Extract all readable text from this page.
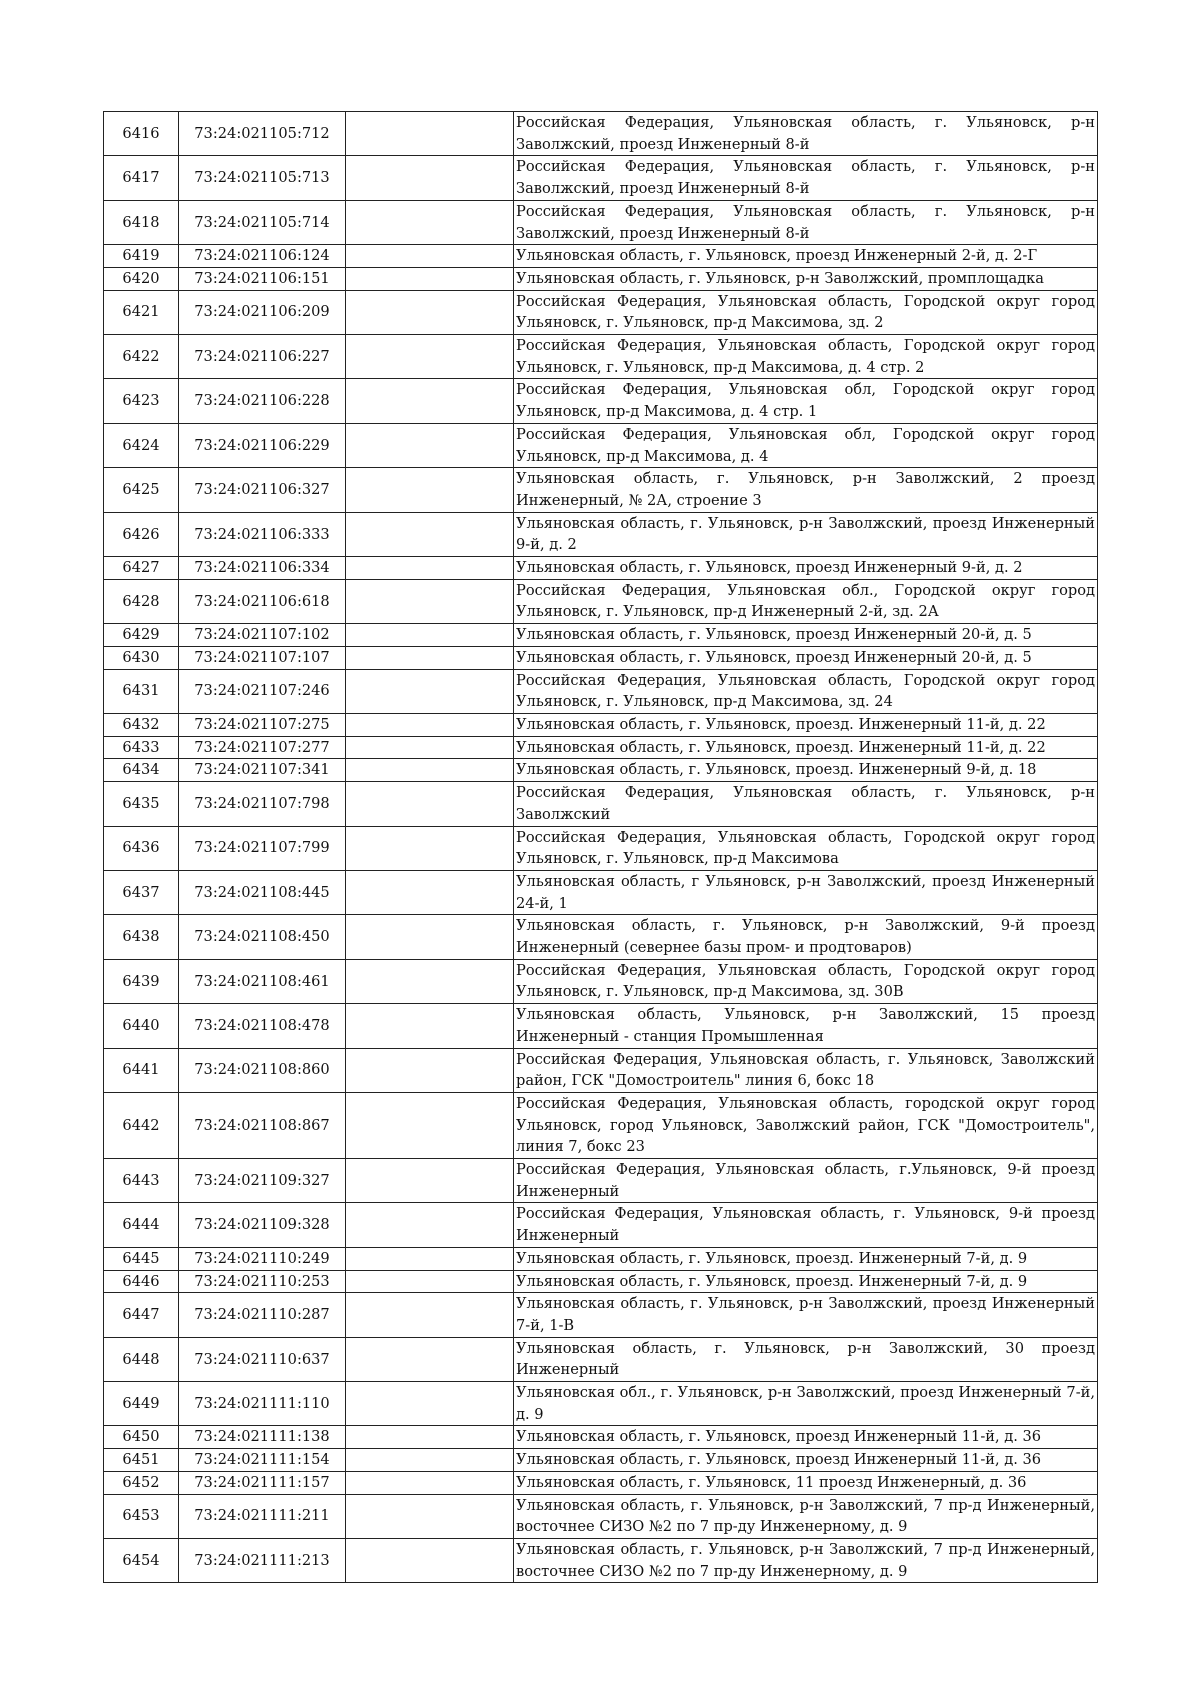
6416	73:24:021105:712		Российская Федерация, Ульяновская область, г. Ульяновск, р-н Заволжский, проезд Инженерный 8-й
6417	73:24:021105:713		Российская Федерация, Ульяновская область, г. Ульяновск, р-н Заволжский, проезд Инженерный 8-й
6418	73:24:021105:714		Российская Федерация, Ульяновская область, г. Ульяновск, р-н Заволжский, проезд Инженерный 8-й
6419	73:24:021106:124		Ульяновская область, г. Ульяновск, проезд Инженерный 2-й, д. 2-Г
6420	73:24:021106:151		Ульяновская область, г. Ульяновск, р-н Заволжский, промплощадка
6421	73:24:021106:209		Российская Федерация, Ульяновская область, Городской округ город Ульяновск, г. Ульяновск, пр-д Максимова, зд. 2
6422	73:24:021106:227		Российская Федерация, Ульяновская область, Городской округ город Ульяновск, г. Ульяновск, пр-д Максимова, д. 4 стр. 2
6423	73:24:021106:228		Российская Федерация, Ульяновская обл, Городской округ город Ульяновск, пр-д Максимова, д. 4 стр. 1
6424	73:24:021106:229		Российская Федерация, Ульяновская обл, Городской округ город Ульяновск, пр-д Максимова, д. 4
6425	73:24:021106:327		Ульяновская область, г. Ульяновск, р-н Заволжский, 2 проезд Инженерный, № 2А, строение 3
6426	73:24:021106:333		Ульяновская область, г. Ульяновск, р-н Заволжский, проезд Инженерный 9-й, д. 2
6427	73:24:021106:334		Ульяновская область, г. Ульяновск, проезд Инженерный 9-й, д. 2
6428	73:24:021106:618		Российская Федерация, Ульяновская обл., Городской округ город Ульяновск, г. Ульяновск, пр-д Инженерный 2-й, зд. 2А
6429	73:24:021107:102		Ульяновская область, г. Ульяновск, проезд Инженерный 20-й, д. 5
6430	73:24:021107:107		Ульяновская область, г. Ульяновск, проезд Инженерный 20-й, д. 5
6431	73:24:021107:246		Российская Федерация, Ульяновская область, Городской округ город Ульяновск, г. Ульяновск, пр-д Максимова, зд. 24
6432	73:24:021107:275		Ульяновская область, г. Ульяновск, проезд. Инженерный 11-й, д. 22
6433	73:24:021107:277		Ульяновская область, г. Ульяновск, проезд. Инженерный 11-й, д. 22
6434	73:24:021107:341		Ульяновская область, г. Ульяновск, проезд. Инженерный 9-й, д. 18
6435	73:24:021107:798		Российская Федерация, Ульяновская область, г. Ульяновск, р-н Заволжский
6436	73:24:021107:799		Российская Федерация, Ульяновская область, Городской округ город Ульяновск, г. Ульяновск, пр-д Максимова
6437	73:24:021108:445		Ульяновская область, г Ульяновск, р-н Заволжский, проезд Инженерный 24-й, 1
6438	73:24:021108:450		Ульяновская область, г. Ульяновск, р-н Заволжский, 9-й проезд Инженерный (севернее базы пром- и продтоваров)
6439	73:24:021108:461		Российская Федерация, Ульяновская область, Городской округ город Ульяновск, г. Ульяновск, пр-д Максимова, зд. 30В
6440	73:24:021108:478		Ульяновская область, Ульяновск, р-н Заволжский, 15 проезд Инженерный - станция Промышленная
6441	73:24:021108:860		Российская Федерация, Ульяновская область, г. Ульяновск, Заволжский район, ГСК "Домостроитель" линия 6, бокс 18
6442	73:24:021108:867		Российская Федерация, Ульяновская область, городской округ город Ульяновск, город Ульяновск, Заволжский район, ГСК "Домостроитель", линия 7, бокс 23
6443	73:24:021109:327		Российская Федерация, Ульяновская область, г.Ульяновск, 9-й проезд Инженерный
6444	73:24:021109:328		Российская Федерация, Ульяновская область, г. Ульяновск, 9-й проезд Инженерный
6445	73:24:021110:249		Ульяновская область, г. Ульяновск, проезд. Инженерный 7-й, д. 9
6446	73:24:021110:253		Ульяновская область, г. Ульяновск, проезд. Инженерный 7-й, д. 9
6447	73:24:021110:287		Ульяновская область, г. Ульяновск, р-н Заволжский, проезд Инженерный 7-й, 1-В
6448	73:24:021110:637		Ульяновская область, г. Ульяновск, р-н Заволжский, 30 проезд Инженерный
6449	73:24:021111:110		Ульяновская обл., г. Ульяновск, р-н Заволжский, проезд Инженерный 7-й, д. 9
6450	73:24:021111:138		Ульяновская область, г. Ульяновск, проезд Инженерный 11-й, д. 36
6451	73:24:021111:154		Ульяновская область, г. Ульяновск, проезд Инженерный 11-й, д. 36
6452	73:24:021111:157		Ульяновская область, г. Ульяновск, 11 проезд Инженерный, д. 36
6453	73:24:021111:211		Ульяновская область, г. Ульяновск, р-н Заволжский, 7 пр-д Инженерный, восточнее СИЗО №2 по 7 пр-ду Инженерному, д. 9
6454	73:24:021111:213		Ульяновская область, г. Ульяновск, р-н Заволжский, 7 пр-д Инженерный, восточнее СИЗО №2 по 7 пр-ду Инженерному, д. 9
